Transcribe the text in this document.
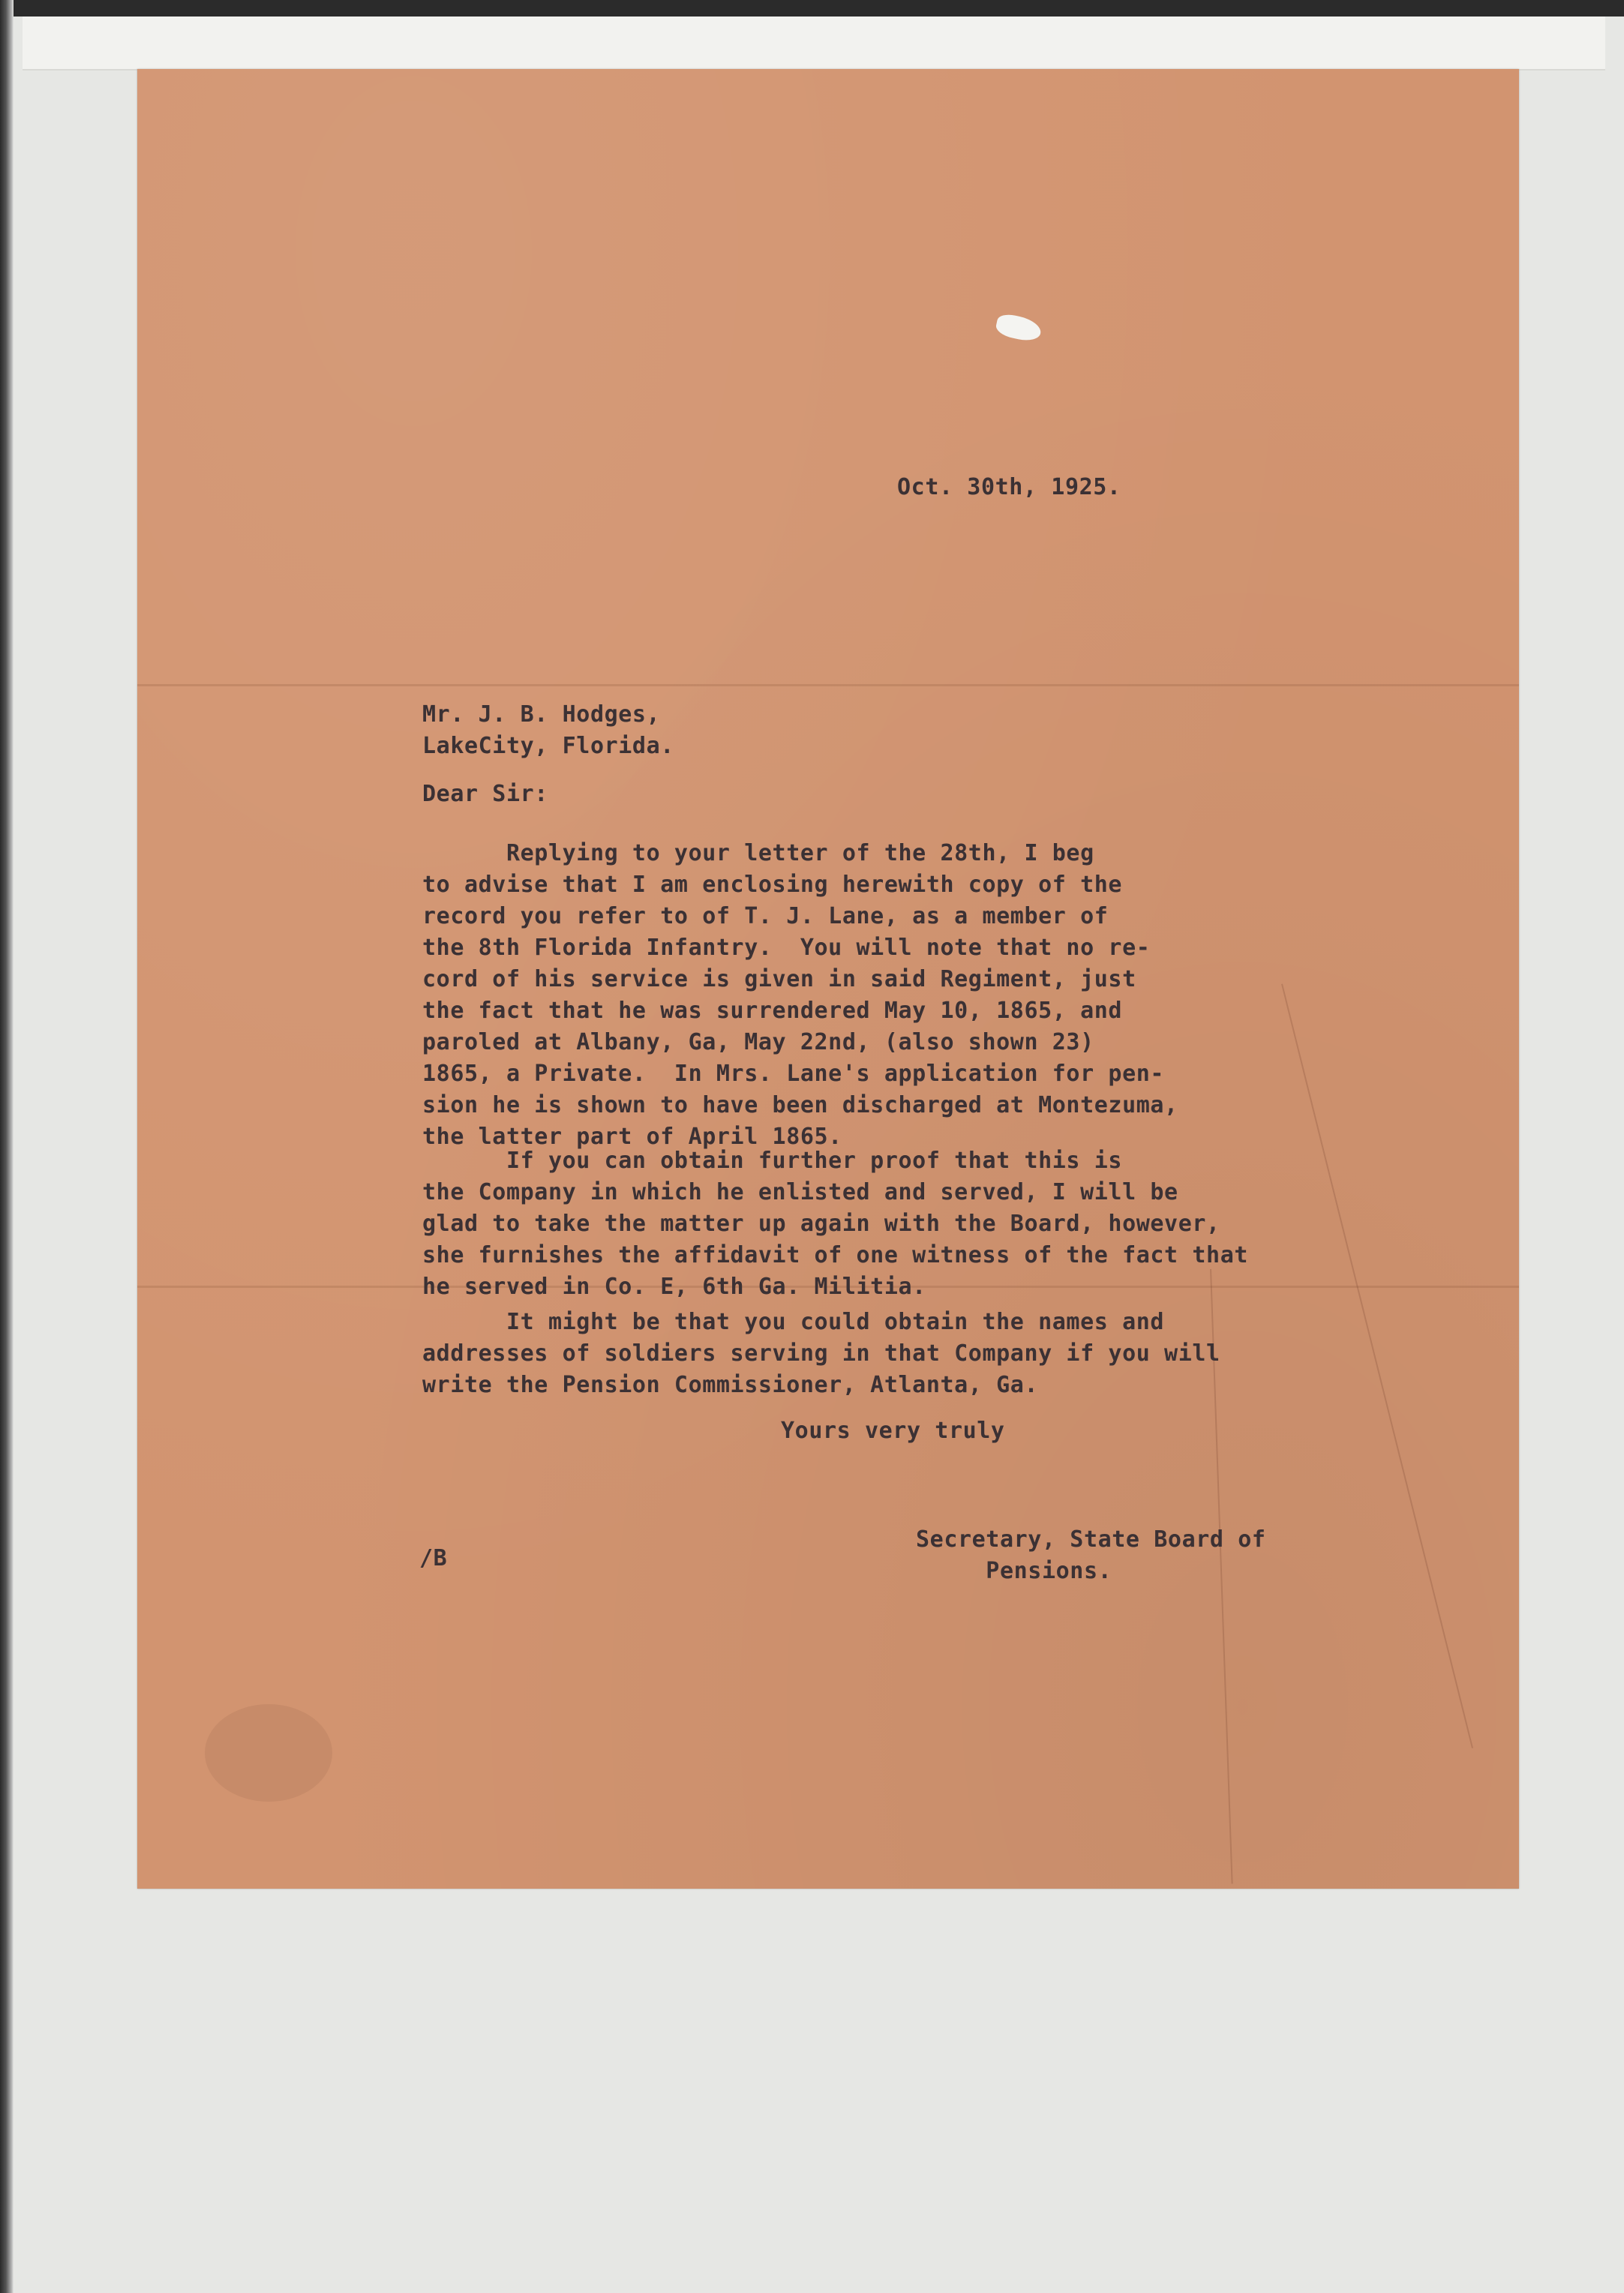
Oct. 30th, 1925.
Mr. J. B. Hodges,
LakeCity, Florida.
Dear Sir:
Replying to your letter of the 28th, I beg
to advise that I am enclosing herewith copy of the
record you refer to of T. J. Lane, as a member of
the 8th Florida Infantry.  You will note that no re-
cord of his service is given in said Regiment, just
the fact that he was surrendered May 10, 1865, and
paroled at Albany, Ga, May 22nd, (also shown 23)
1865, a Private.  In Mrs. Lane's application for pen-
sion he is shown to have been discharged at Montezuma,
the latter part of April 1865.
If you can obtain further proof that this is
the Company in which he enlisted and served, I will be
glad to take the matter up again with the Board, however,
she furnishes the affidavit of one witness of the fact that
he served in Co. E, 6th Ga. Militia.
It might be that you could obtain the names and
addresses of soldiers serving in that Company if you will
write the Pension Commissioner, Atlanta, Ga.
Yours very truly
Secretary, State Board of
Pensions.
/B
